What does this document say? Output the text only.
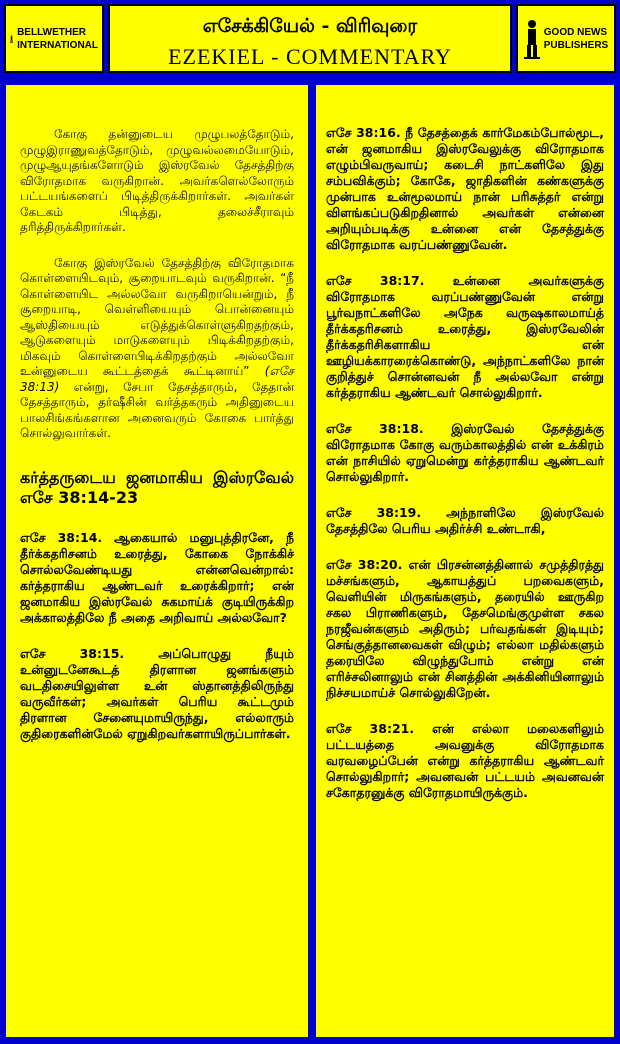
BELLWETHER
INTERNATIONAL
எசேக்கியேல் - விரிவுரை
EZEKIEL - COMMENTARY
GOOD NEWS
PUBLISHERS

கோகு தன்னுடைய முழுபலத்தோடும், முழுஇராணுவத்தோடும், முழுவல்லமையோடும், முழுஆயுதங்களோடும் இஸ்ரவேல் தேசத்திற்கு விரோதமாக வருகிறான். அவர்களெல்லோரும் பட்டயங்களைப் பிடித்திருக்கிறார்கள். அவர்கள் கேடகம் பிடித்து, தலைச்சீராவும் தரித்திருக்கிறார்கள்.

கோகு இஸ்ரவேல் தேசத்திற்கு விரோதமாக கொள்ளையிடவும், சூறையாடவும் வருகிறான். “நீ கொள்ளையிட அல்லவோ வருகிறாயென்றும், நீ சூறையாடி, வெள்ளியையும் பொன்னையும் ஆஸ்தியையும் எடுத்துக்கொள்ளுகிறதற்கும், ஆடுகளையும் மாடுகளையும் பிடிக்கிறதற்கும், மிகவும் கொள்ளைபிடிக்கிறதற்கும் அல்லவோ உன்னுடைய கூட்டத்தைக் கூட்டினாய்” (எசே 38:13) என்று, சேபா தேசத்தாரும், தேதான் தேசத்தாரும், தர்ஷீசின் வர்த்தகரும் அதினுடைய பாலசிங்கங்களான அனைவரும் கோகை பார்த்து சொல்லுவார்கள்.

கர்த்தருடைய ஜனமாகிய இஸ்ரவேல் எசே 38:14-23

எசே 38:14. ஆகையால் மனுபுத்திரனே, நீ தீர்க்கதரிசனம் உரைத்து, கோகை நோக்கிச் சொல்லவேண்டியது என்னவென்றால்: கர்த்தராகிய ஆண்டவர் உரைக்கிறார்; என் ஜனமாகிய இஸ்ரவேல் சுகமாய்க் குடியிருக்கிற அக்காலத்திலே நீ அதை அறிவாய் அல்லவோ?

எசே 38:15. அப்பொழுது நீயும் உன்னுடனேகூடத் திரளான ஜனங்களும் வடதிசையிலுள்ள உன் ஸ்தானத்திலிருந்து வருவீர்கள்; அவர்கள் பெரிய கூட்டமும் திரளான சேனையுமாயிருந்து, எல்லாரும் குதிரைகளின்மேல் ஏறுகிறவர்களாயிருப்பார்கள்.

எசே 38:16. நீ தேசத்தைக் கார்மேகம்போல்மூட, என் ஜனமாகிய இஸ்ரவேலுக்கு விரோதமாக எழும்பிவருவாய்; கடைசி நாட்களிலே இது சம்பவிக்கும்; கோகே, ஜாதிகளின் கண்களுக்கு முன்பாக உன்மூலமாய் நான் பரிசுத்தர் என்று விளங்கப்படுகிறதினால் அவர்கள் என்னை அறியும்படிக்கு உன்னை என் தேசத்துக்கு விரோதமாக வரப்பண்ணுவேன்.

எசே 38:17. உன்னை அவர்களுக்கு விரோதமாக வரப்பண்ணுவேன் என்று பூர்வநாட்களிலே அநேக வருஷகாலமாய்த் தீர்க்கதரிசனம் உரைத்து, இஸ்ரவேலின் தீர்க்கதரிசிகளாகிய என் ஊழியக்காரரைக்கொண்டு, அந்நாட்களிலே நான் குறித்துச் சொன்னவன் நீ அல்லவோ என்று கர்த்தராகிய ஆண்டவர் சொல்லுகிறார்.

எசே 38:18. இஸ்ரவேல் தேசத்துக்கு விரோதமாக கோகு வரும்காலத்தில் என் உக்கிரம் என் நாசியில் ஏறுமென்று கர்த்தராகிய ஆண்டவர் சொல்லுகிறார்.

எசே 38:19. அந்நாளிலே இஸ்ரவேல் தேசத்திலே பெரிய அதிர்ச்சி உண்டாகி,

எசே 38:20. என் பிரசன்னத்தினால் சமுத்திரத்து மச்சங்களும், ஆகாயத்துப் பறவைகளும், வெளியின் மிருகங்களும், தரையில் ஊருகிற சகல பிராணிகளும், தேசமெங்குமுள்ள சகல நரஜீவன்களும் அதிரும்; பர்வதங்கள் இடியும்; செங்குத்தானவைகள் விழும்; எல்லா மதில்களும் தரையிலே விழுந்துபோம் என்று என் எரிச்சலினாலும் என் சினத்தின் அக்கினியினாலும் நிச்சயமாய்ச் சொல்லுகிறேன்.

எசே 38:21. என் எல்லா மலைகளிலும் பட்டயத்தை அவனுக்கு விரோதமாக வரவழைப்பேன் என்று கர்த்தராகிய ஆண்டவர் சொல்லுகிறார்; அவனவன் பட்டயம் அவனவன் சகோதரனுக்கு விரோதமாயிருக்கும்.
